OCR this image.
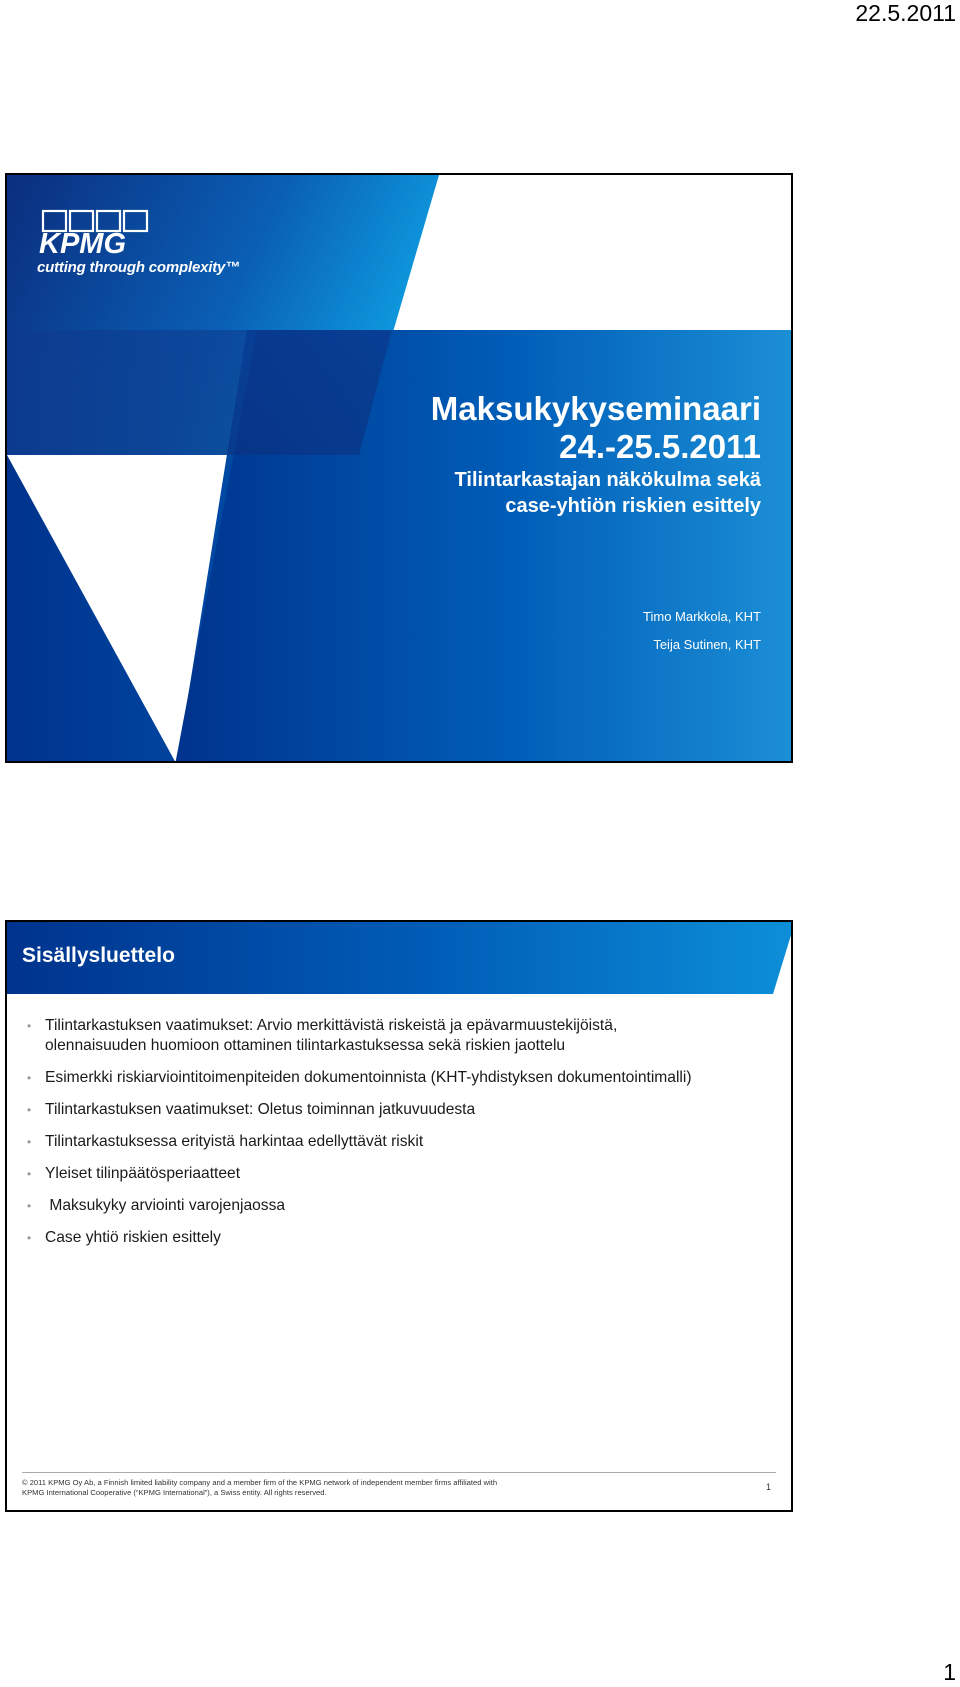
22.5.2011
KPMG
cutting through complexity™
Maksukykyseminaari
24.-25.5.2011
Tilintarkastajan näkökulma sekä
case-yhtiön riskien esittely
Timo Markkola, KHT
Teija Sutinen, KHT
Sisällysluettelo
• Tilintarkastuksen vaatimukset: Arvio merkittävistä riskeistä ja epävarmuustekijöistä,
olennaisuuden huomioon ottaminen tilintarkastuksessa sekä riskien jaottelu
• Esimerkki riskiarviointitoimenpiteiden dokumentoinnista (KHT-yhdistyksen dokumentointimalli)
• Tilintarkastuksen vaatimukset: Oletus toiminnan jatkuvuudesta
• Tilintarkastuksessa erityistä harkintaa edellyttävät riskit
• Yleiset tilinpäätösperiaatteet
• Maksukyky arviointi varojenjaossa
• Case yhtiö riskien esittely
© 2011 KPMG Oy Ab, a Finnish limited liability company and a member firm of the KPMG network of independent member firms affiliated with
KPMG International Cooperative (“KPMG International”), a Swiss entity. All rights reserved.
1
1
